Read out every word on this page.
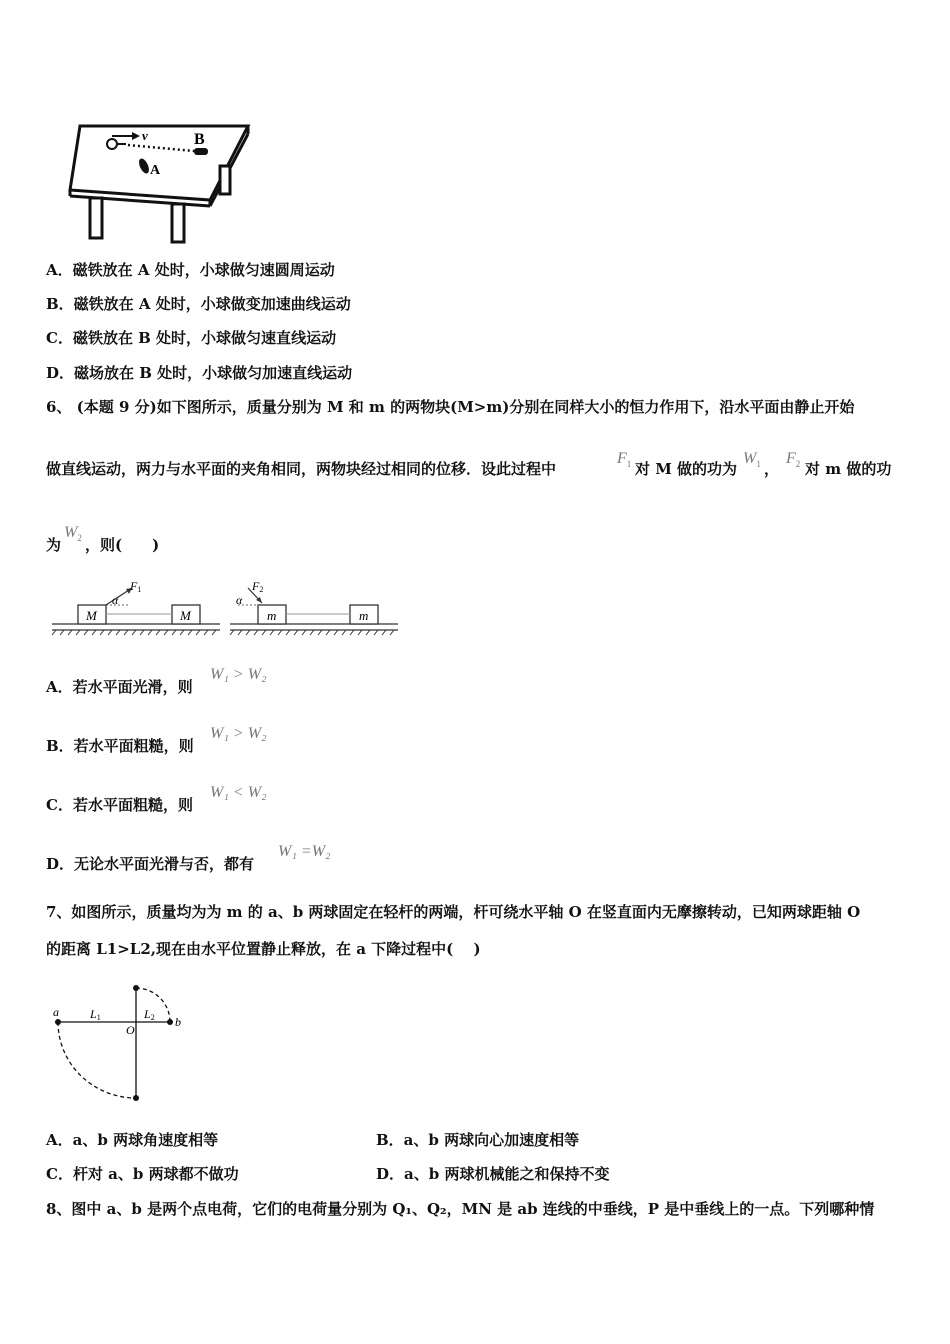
v	B
A
A．磁铁放在 A 处时，小球做匀速圆周运动
B．磁铁放在 A 处时，小球做变加速曲线运动
C．磁铁放在 B 处时，小球做匀速直线运动
D．磁场放在 B 处时，小球做匀加速直线运动
6、 (本题 9 分)如下图所示，质量分别为 M 和 m 的两物块(M>m)分别在同样大小的恒力作用下，沿水平面由静止开始
做直线运动，两力与水平面的夹角相同，两物块经过相同的位移．设此过程中
$F_1$ 对 M 做的功为
$W_1$ ，
$F_2$ 对 m 做的功
为
$W_2$ ，则(　　)
M	M
α
F1
m	m
α
F2
A．若水平面光滑，则
W₁ > W₂
B．若水平面粗糙，则
W₁ > W₂
C．若水平面粗糙，则
W₁ < W₂
D．无论水平面光滑与否，都有
W₁ =W₂
7、如图所示，质量均为为 m 的 a、b 两球固定在轻杆的两端，杆可绕水平轴 O 在竖直面内无摩擦转动，已知两球距轴 O
的距离 L1>L2,现在由水平位置静止释放，在 a 下降过程中(　 )
a
b
O
L1	L2
A．a、b 两球角速度相等	B．a、b 两球向心加速度相等
C．杆对 a、b 两球都不做功	D．a、b 两球机械能之和保持不变
8、图中 a、b 是两个点电荷，它们的电荷量分别为 Q₁、Q₂，MN 是 ab 连线的中垂线，P 是中垂线上的一点。下列哪种情
